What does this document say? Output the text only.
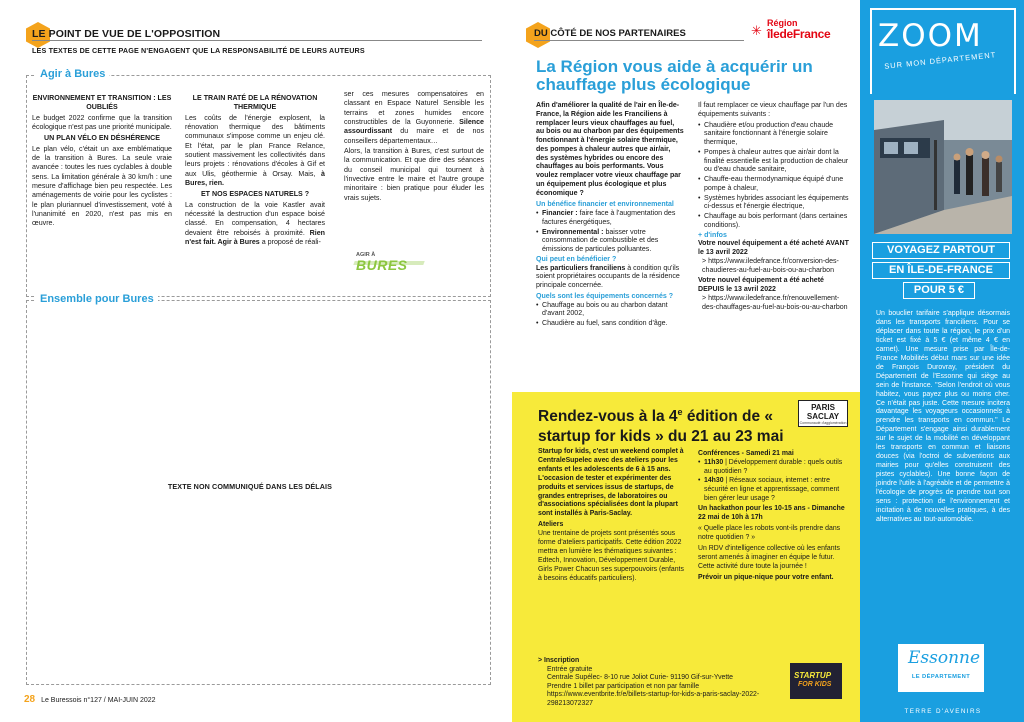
LE POINT DE VUE DE L'OPPOSITION
LES TEXTES DE CETTE PAGE N'ENGAGENT QUE LA RESPONSABILITÉ DE LEURS AUTEURS
Agir à Bures
ENVIRONNEMENT ET TRANSITION : LES OUBLIÉS

Le budget 2022 confirme que la transition écologique n'est pas une priorité municipale.

UN PLAN VÉLO EN DÉSHÉRENCE

Le plan vélo, c'était un axe emblématique de la transition à Bures. La seule vraie avancée : toutes les rues cyclables à double sens. La limitation générale à 30 km/h : une mesure d'affichage bien peu respectée. Les aménagements de voirie pour les cyclistes : le plan pluriannuel d'investissement, voté à l'unanimité en 2020, n'est pas mis en œuvre.

LE TRAIN RATÉ DE LA RÉNOVATION THERMIQUE

Les coûts de l'énergie explosent, la rénovation thermique des bâtiments communaux s'impose comme un enjeu clé. Et l'état, par le plan France Relance, soutient massivement les collectivités dans leurs projets : rénovations d'écoles à Gif et aux Ulis, géothermie à Orsay. Mais, à Bures, rien.

ET NOS ESPACES NATURELS ?

La construction de la voie Kastler avait nécessité la destruction d'un espace boisé classé. En compensation, 4 hectares devaient être reboisés à proximité. Rien n'est fait. Agir à Bures a proposé de réali-

ser ces mesures compensatoires en classant en Espace Naturel Sensible les terrains et zones humides encore constructibles de la Guyonnerie. Silence assourdissant du maire et de nos conseillers départementaux…

Alors, la transition à Bures, c'est surtout de la communication. Et que dire des séances du conseil municipal qui tournent à l'invective entre le maire et l'autre groupe minoritaire : bien pratique pour éluder les vrais sujets.

AGIR À
BURES
Ensemble pour Bures
TEXTE NON COMMUNIQUÉ DANS LES DÉLAIS
28 Le Buressois n°127 / MAI-JUIN 2022
DU CÔTÉ DE NOS PARTENAIRES	✳ Région
îledeFrance
La Région vous aide à acquérir un chauffage plus écologique
Afin d'améliorer la qualité de l'air en Île-de-France, la Région aide les Franciliens à remplacer leurs vieux chauffages au fuel, au bois ou au charbon par des équipements fonctionnant à l'énergie solaire thermique, des pompes à chaleur autres que air/air, des systèmes hybrides ou encore des chauffages au bois performants. Vous voulez remplacer votre vieux chauffage par un équipement plus écologique et plus économique ?
Un bénéfice financier et environnemental
• Financier : faire face à l'augmentation des factures énergétiques,
• Environnemental : baisser votre consommation de combustible et des émissions de particules polluantes.
Qui peut en bénéficier ?
Les particuliers franciliens à condition qu'ils soient propriétaires occupants de la résidence principale concernée.
Quels sont les équipements concernés ?
• Chauffage au bois ou au charbon datant d'avant 2002,
• Chaudière au fuel, sans condition d'âge.
Il faut remplacer ce vieux chauffage par l'un des équipements suivants :
• Chaudière et/ou production d'eau chaude sanitaire fonctionnant à l'énergie solaire thermique,
• Pompes à chaleur autres que air/air dont la finalité essentielle est la production de chaleur ou d'eau chaude sanitaire,
• Chauffe-eau thermodynamique équipé d'une pompe à chaleur,
• Systèmes hybrides associant les équipements ci-dessus et l'énergie électrique,
• Chauffage au bois performant (dans certaines conditions).
+ d'infos
Votre nouvel équipement a été acheté AVANT le 13 avril 2022
> https://www.iledefrance.fr/conversion-des-chaudieres-au-fuel-au-bois-ou-au-charbon
Votre nouvel équipement a été acheté DEPUIS le 13 avril 2022
> https://www.iledefrance.fr/renouvellement-des-chauffages-au-fuel-au-bois-ou-au-charbon
Rendez-vous à la 4e édition de « startup for kids » du 21 au 23 mai
PARIS
SACLAY
Communauté d'agglomération
Startup for kids, c'est un weekend complet à CentraleSupelec avec des ateliers pour les enfants et les adolescents de 6 à 15 ans. L'occasion de tester et expérimenter des produits et services issus de startups, de grandes entreprises, de laboratoires ou d'associations spécialisées dont la plupart sont installés à Paris-Saclay.
Ateliers
Une trentaine de projets sont présentés sous forme d'ateliers participatifs. Cette édition 2022 mettra en lumière les thématiques suivantes : Edtech, Innovation, Développement Durable, Girls Power Chacun ses superpouvoirs (enfants à besoins éducatifs particuliers).
Conférences - Samedi 21 mai
• 11h30 | Développement durable : quels outils au quotidien ?
• 14h30 | Réseaux sociaux, internet : entre sécurité en ligne et apprentissage, comment bien gérer leur usage ?
Un hackathon pour les 10-15 ans - Dimanche 22 mai de 10h à 17h
« Quelle place les robots vont-ils prendre dans notre quotidien ? »
Un RDV d'intelligence collective où les enfants seront amenés à imaginer en équipe le futur. Cette activité dure toute la journée !
Prévoir un pique-nique pour votre enfant.
> Inscription
Entrée gratuite
Centrale Supélec- 8-10 rue Joliot Curie- 91190 Gif-sur-Yvette
Prendre 1 billet par participation et non par famille
https://www.eventbrite.fr/e/billets-startup-for-kids-a-paris-saclay-2022-298213072327
STARTUP
FOR KIDS
ZOOM
SUR MON DÉPARTEMENT
VOYAGEZ PARTOUT
EN ÎLE-DE-FRANCE
POUR 5 €
Un bouclier tarifaire s'applique désormais dans les transports franciliens. Pour se déplacer dans toute la région, le prix d'un ticket est fixé à 5 € (et même 4 € en carnet). Une mesure prise par Île-de-France Mobilités début mars sur une idée de François Durovray, président du Département de l'Essonne qui siège au sein de l'instance. "Selon l'endroit où vous habitez, vous payez plus ou moins cher. Ce n'était pas juste. Cette mesure incitera davantage les voyageurs occasionnels à prendre les transports en commun." Le Département s'engage ainsi durablement sur le sujet de la mobilité en développant les transports en commun et liaisons douces (via l'octroi de subventions aux mairies pour qu'elles construisent des pistes cyclables). Une bonne façon de joindre l'utile à l'agréable et de permettre à l'écologie de progrès de prendre tout son sens : protection de l'environnement et incitation à de nouvelles pratiques, à des alternatives au tout-automobile.
Essonne
LE DÉPARTEMENT
TERRE D'AVENIRS
